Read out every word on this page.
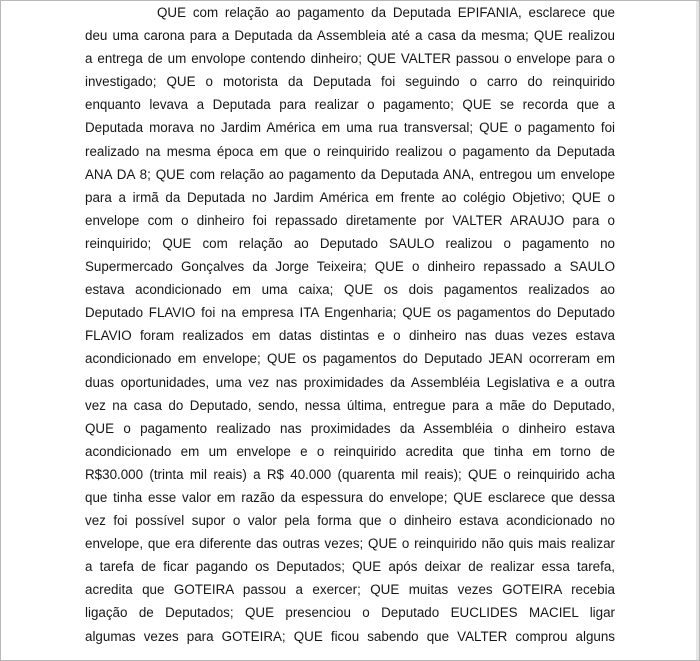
QUE com relação ao pagamento da Deputada EPIFANIA, esclarece que
deu uma carona para a Deputada da Assembleia até a casa da mesma; QUE realizou
a entrega de um envolope contendo dinheiro; QUE VALTER passou o envelope para o
investigado; QUE o motorista da Deputada foi seguindo o carro do reinquirido
enquanto levava a Deputada para realizar o pagamento; QUE se recorda que a
Deputada morava no Jardim América em uma rua transversal; QUE o pagamento foi
realizado na mesma época em que o reinquirido realizou o pagamento da Deputada
ANA DA 8; QUE com relação ao pagamento da Deputada ANA, entregou um envelope
para a irmã da Deputada no Jardim América em frente ao colégio Objetivo; QUE o
envelope com o dinheiro foi repassado diretamente por VALTER ARAUJO para o
reinquirido; QUE com relação ao Deputado SAULO realizou o pagamento no
Supermercado Gonçalves da Jorge Teixeira; QUE o dinheiro repassado a SAULO
estava acondicionado em uma caixa; QUE os dois pagamentos realizados ao
Deputado FLAVIO foi na empresa ITA Engenharia; QUE os pagamentos do Deputado
FLAVIO foram realizados em datas distintas e o dinheiro nas duas vezes estava
acondicionado em envelope; QUE os pagamentos do Deputado JEAN ocorreram em
duas oportunidades, uma vez nas proximidades da Assembléia Legislativa e a outra
vez na casa do Deputado, sendo, nessa última, entregue para a mãe do Deputado,
QUE o pagamento realizado nas proximidades da Assembléia o dinheiro estava
acondicionado em um envelope e o reinquirido acredita que tinha em torno de
R$30.000 (trinta mil reais) a R$ 40.000 (quarenta mil reais); QUE o reinquirido acha
que tinha esse valor em razão da espessura do envelope; QUE esclarece que dessa
vez foi possível supor o valor pela forma que o dinheiro estava acondicionado no
envelope, que era diferente das outras vezes; QUE o reinquirido não quis mais realizar
a tarefa de ficar pagando os Deputados; QUE após deixar de realizar essa tarefa,
acredita que GOTEIRA passou a exercer; QUE muitas vezes GOTEIRA recebia
ligação de Deputados; QUE presenciou o Deputado EUCLIDES MACIEL ligar
algumas vezes para GOTEIRA; QUE ficou sabendo que VALTER comprou alguns
